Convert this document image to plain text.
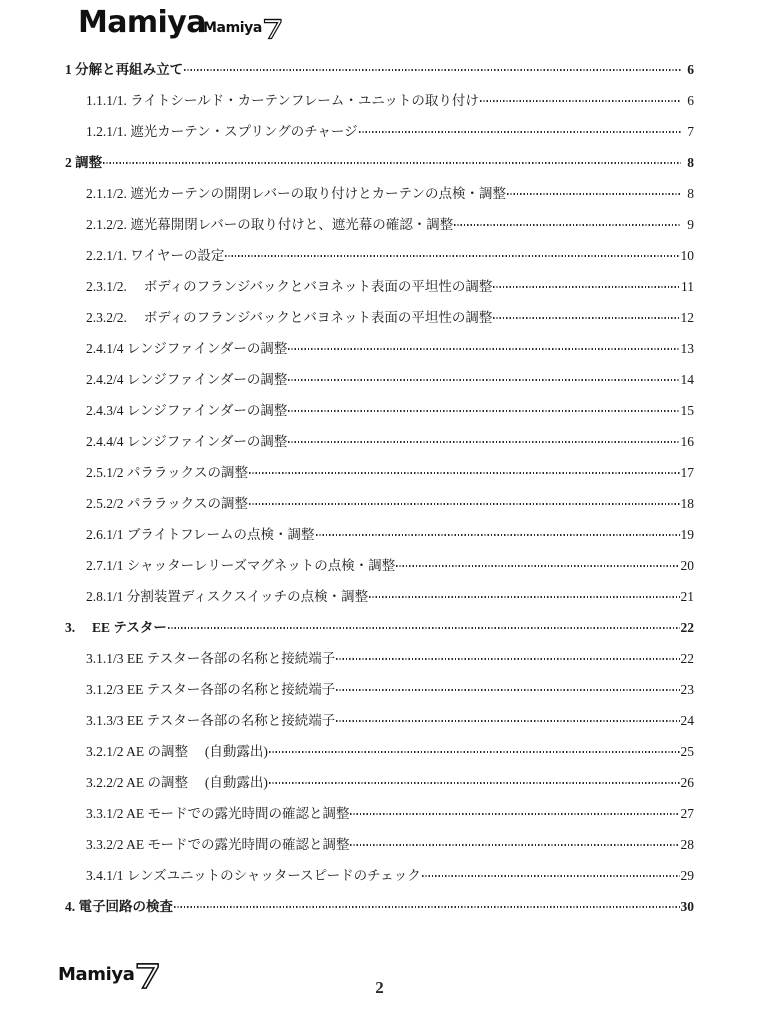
Mamiya
Mamiya
1 分解と再組み立て	6
1.1.1/1. ライトシールド・カーテンフレーム・ユニットの取り付け	6
1.2.1/1. 遮光カーテン・スプリングのチャージ	7
2 調整	8
2.1.1/2. 遮光カーテンの開閉レバーの取り付けとカーテンの点検・調整	8
2.1.2/2. 遮光幕開閉レバーの取り付けと、遮光幕の確認・調整	9
2.2.1/1. ワイヤーの設定	10
2.3.1/2.　 ボディのフランジバックとバヨネット表面の平坦性の調整	11
2.3.2/2.　 ボディのフランジバックとバヨネット表面の平坦性の調整	12
2.4.1/4 レンジファインダーの調整	13
2.4.2/4 レンジファインダーの調整	14
2.4.3/4 レンジファインダーの調整	15
2.4.4/4 レンジファインダーの調整	16
2.5.1/2 パララックスの調整	17
2.5.2/2 パララックスの調整	18
2.6.1/1 ブライトフレームの点検・調整	19
2.7.1/1 シャッターレリーズマグネットの点検・調整	20
2.8.1/1 分割装置ディスクスイッチの点検・調整	21
3.　 EE テスター	22
3.1.1/3 EE テスター各部の名称と接続端子	22
3.1.2/3 EE テスター各部の名称と接続端子	23
3.1.3/3 EE テスター各部の名称と接続端子	24
3.2.1/2 AE の調整　 (自動露出)	25
3.2.2/2 AE の調整　 (自動露出)	26
3.3.1/2 AE モードでの露光時間の確認と調整	27
3.3.2/2 AE モードでの露光時間の確認と調整	28
3.4.1/1 レンズユニットのシャッタースピードのチェック	29
4. 電子回路の検査	30
Mamiya
2
